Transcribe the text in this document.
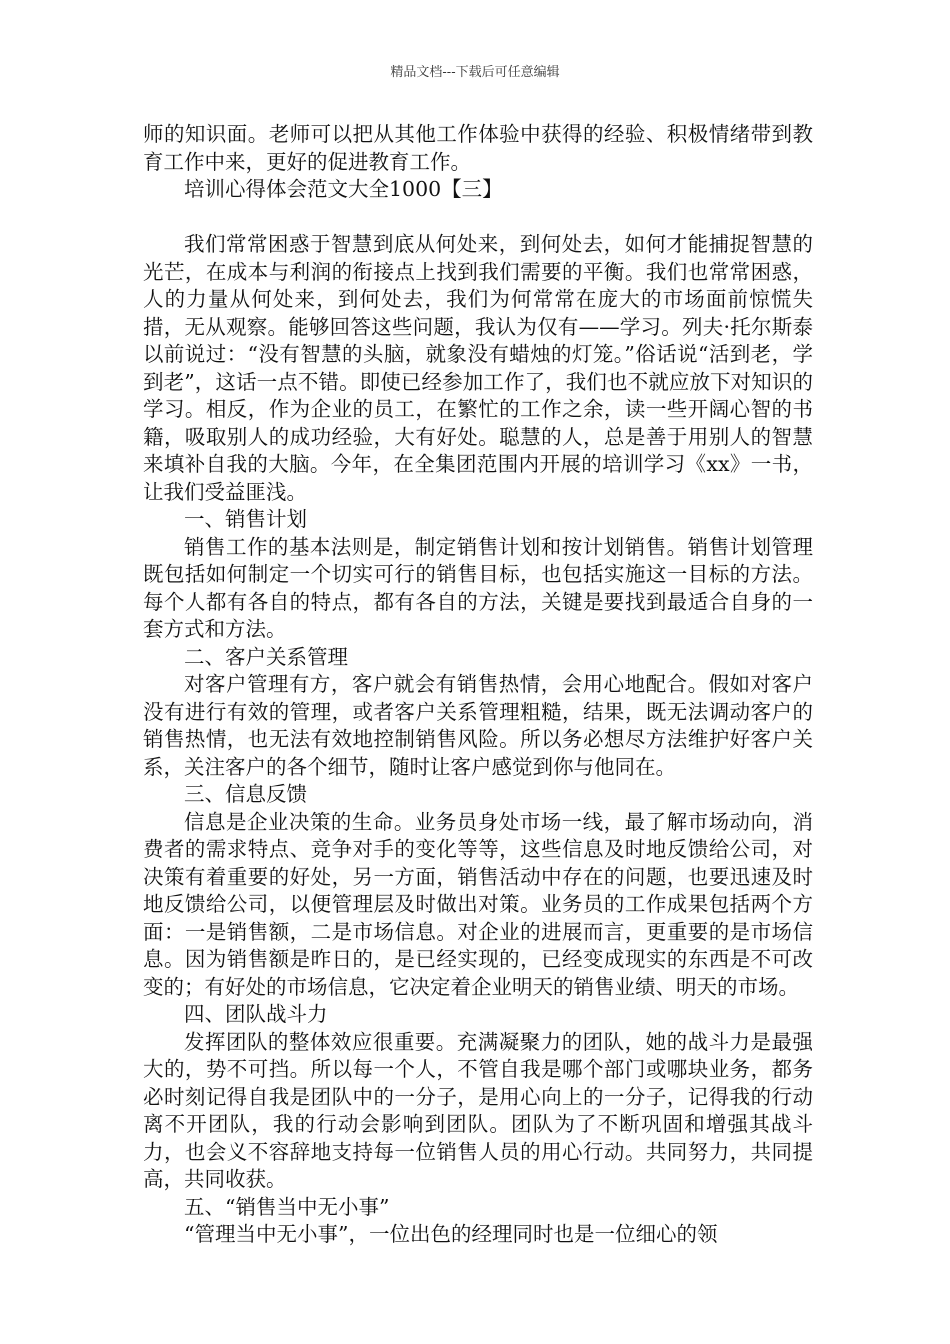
精品文档---下载后可任意编辑

师的知识面。老师可以把从其他工作体验中获得的经验、积极情绪带到教育工作中来，更好的促进教育工作。

培训心得体会范文大全1000【三】

我们常常困惑于智慧到底从何处来，到何处去，如何才能捕捉智慧的光芒，在成本与利润的衔接点上找到我们需要的平衡。我们也常常困惑，人的力量从何处来，到何处去，我们为何常常在庞大的市场面前惊慌失措，无从观察。能够回答这些问题，我认为仅有——学习。列夫·托尔斯泰以前说过：“没有智慧的头脑，就象没有蜡烛的灯笼。”俗话说“活到老，学到老”，这话一点不错。即使已经参加工作了，我们也不就应放下对知识的学习。相反，作为企业的员工，在繁忙的工作之余，读一些开阔心智的书籍，吸取别人的成功经验，大有好处。聪慧的人，总是善于用别人的智慧来填补自我的大脑。今年，在全集团范围内开展的培训学习《xx》一书，让我们受益匪浅。

一、销售计划

销售工作的基本法则是，制定销售计划和按计划销售。销售计划管理既包括如何制定一个切实可行的销售目标，也包括实施这一目标的方法。每个人都有各自的特点，都有各自的方法，关键是要找到最适合自身的一套方式和方法。

二、客户关系管理

对客户管理有方，客户就会有销售热情，会用心地配合。假如对客户没有进行有效的管理，或者客户关系管理粗糙，结果，既无法调动客户的销售热情，也无法有效地控制销售风险。所以务必想尽方法维护好客户关系，关注客户的各个细节，随时让客户感觉到你与他同在。

三、信息反馈

信息是企业决策的生命。业务员身处市场一线，最了解市场动向，消费者的需求特点、竞争对手的变化等等，这些信息及时地反馈给公司，对决策有着重要的好处，另一方面，销售活动中存在的问题，也要迅速及时地反馈给公司，以便管理层及时做出对策。业务员的工作成果包括两个方面：一是销售额，二是市场信息。对企业的进展而言，更重要的是市场信息。因为销售额是昨日的，是已经实现的，已经变成现实的东西是不可改变的；有好处的市场信息，它决定着企业明天的销售业绩、明天的市场。

四、团队战斗力

发挥团队的整体效应很重要。充满凝聚力的团队，她的战斗力是最强大的，势不可挡。所以每一个人，不管自我是哪个部门或哪块业务，都务必时刻记得自我是团队中的一分子，是用心向上的一分子，记得我的行动离不开团队，我的行动会影响到团队。团队为了不断巩固和增强其战斗力，也会义不容辞地支持每一位销售人员的用心行动。共同努力，共同提高，共同收获。

五、“销售当中无小事”

“管理当中无小事”，一位出色的经理同时也是一位细心的领
